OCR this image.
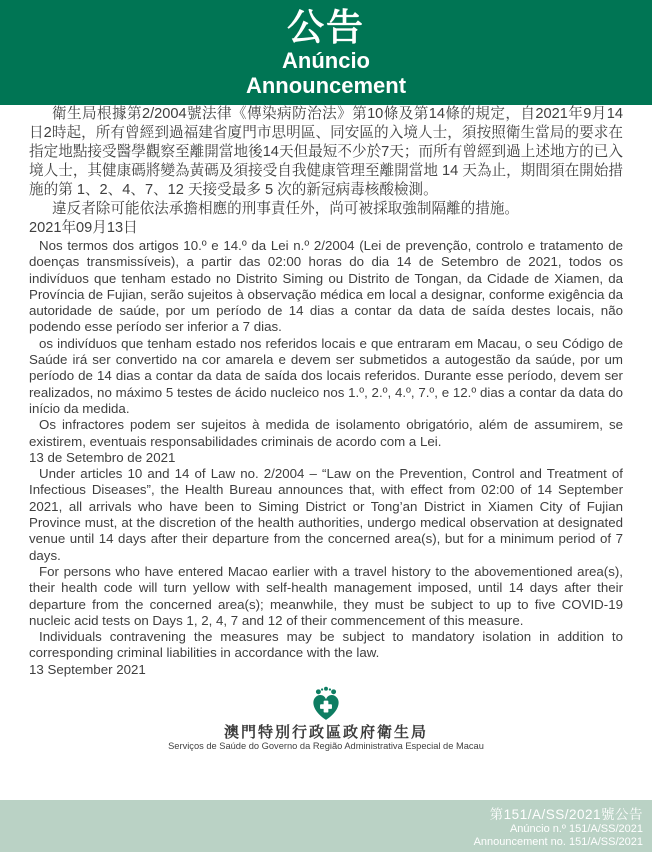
公告
Anúncio
Announcement

衛生局根據第2/2004號法律《傳染病防治法》第10條及第14條的規定，自2021年9月14日2時起，所有曾經到過福建省廈門市思明區、同安區的入境人士，須按照衛生當局的要求在指定地點接受醫學觀察至離開當地後14天但最短不少於7天；而所有曾經到過上述地方的已入境人士，其健康碼將變為黃碼及須接受自我健康管理至離開當地 14 天為止，期間須在開始措施的第 1、2、4、7、12 天接受最多 5 次的新冠病毒核酸檢測。

違反者除可能依法承擔相應的刑事責任外，尚可被採取強制隔離的措施。

2021年09月13日

Nos termos dos artigos 10.º e 14.º da Lei n.º 2/2004 (Lei de prevenção, controlo e tratamento de doenças transmissíveis), a partir das 02:00 horas do dia 14 de Setembro de 2021, todos os indivíduos que tenham estado no Distrito Siming ou Distrito de Tongan, da Cidade de Xiamen, da Província de Fujian, serão sujeitos à observação médica em local a designar, conforme exigência da autoridade de saúde, por um período de 14 dias a contar da data de saída destes locais, não podendo esse período ser inferior a 7 dias.

os indivíduos que tenham estado nos referidos locais e que entraram em Macau, o seu Código de Saúde irá ser convertido na cor amarela e devem ser submetidos a autogestão da saúde, por um período de 14 dias a contar da data de saída dos locais referidos. Durante esse período, devem ser realizados, no máximo 5 testes de ácido nucleico nos 1.º, 2.º, 4.º, 7.º, e 12.º dias a contar da data do início da medida.

Os infractores podem ser sujeitos à medida de isolamento obrigatório, além de assumirem, se existirem, eventuais responsabilidades criminais de acordo com a Lei.

13 de Setembro de 2021

Under articles 10 and 14 of Law no. 2/2004 – “Law on the Prevention, Control and Treatment of Infectious Diseases”, the Health Bureau announces that, with effect from 02:00 of 14 September 2021, all arrivals who have been to Siming District or Tong’an District in Xiamen City of Fujian Province must, at the discretion of the health authorities, undergo medical observation at designated venue until 14 days after their departure from the concerned area(s), but for a minimum period of 7 days.

For persons who have entered Macao earlier with a travel history to the abovementioned area(s), their health code will turn yellow with self-health management imposed, until 14 days after their departure from the concerned area(s); meanwhile, they must be subject to up to five COVID-19 nucleic acid tests on Days 1, 2, 4, 7 and 12 of their commencement of this measure.

Individuals contravening the measures may be subject to mandatory isolation in addition to corresponding criminal liabilities in accordance with the law.

13 September 2021

澳門特別行政區政府衛生局
Serviços de Saúde do Governo da Região Administrativa Especial de Macau
第151/A/SS/2021號公告
Anúncio n.º 151/A/SS/2021
Announcement no. 151/A/SS/2021
